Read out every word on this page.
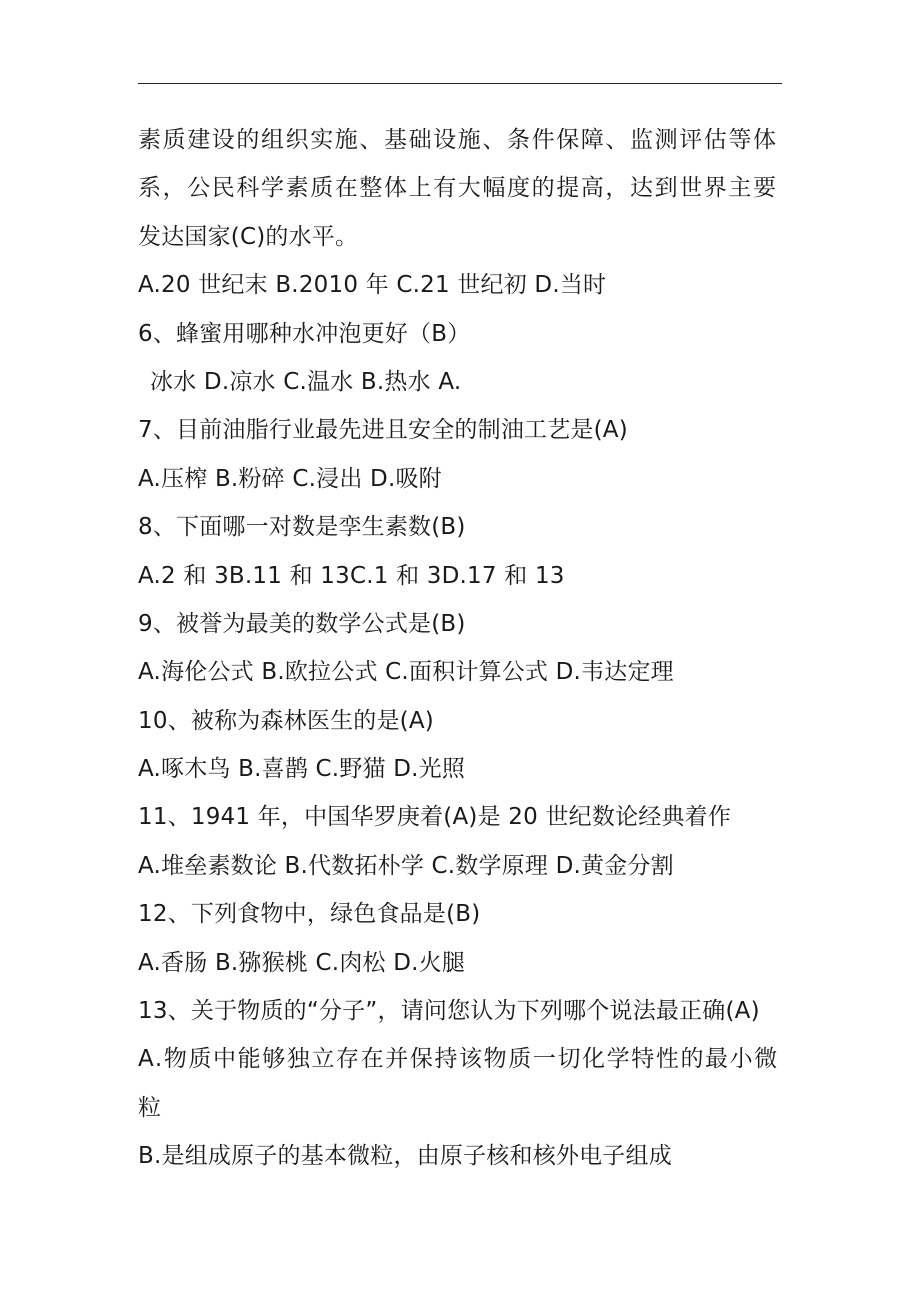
素质建设的组织实施、基础设施、条件保障、监测评估等体
系，公民科学素质在整体上有大幅度的提高，达到世界主要
发达国家(C)的水平。
A.20 世纪末 B.2010 年 C.21 世纪初 D.当时
6、蜂蜜用哪种水冲泡更好（B）
冰水 D.凉水 C.温水 B.热水 A.
7、目前油脂行业最先进且安全的制油工艺是(A)
A.压榨 B.粉碎 C.浸出 D.吸附
8、下面哪一对数是孪生素数(B)
A.2 和 3B.11 和 13C.1 和 3D.17 和 13
9、被誉为最美的数学公式是(B)
A.海伦公式 B.欧拉公式 C.面积计算公式 D.韦达定理
10、被称为森林医生的是(A)
A.啄木鸟 B.喜鹊 C.野猫 D.光照
11、1941 年，中国华罗庚着(A)是 20 世纪数论经典着作
A.堆垒素数论 B.代数拓朴学 C.数学原理 D.黄金分割
12、下列食物中，绿色食品是(B)
A.香肠 B.猕猴桃 C.肉松 D.火腿
13、关于物质的“分子”，请问您认为下列哪个说法最正确(A)
A.物质中能够独立存在并保持该物质一切化学特性的最小微
粒
B.是组成原子的基本微粒，由原子核和核外电子组成
